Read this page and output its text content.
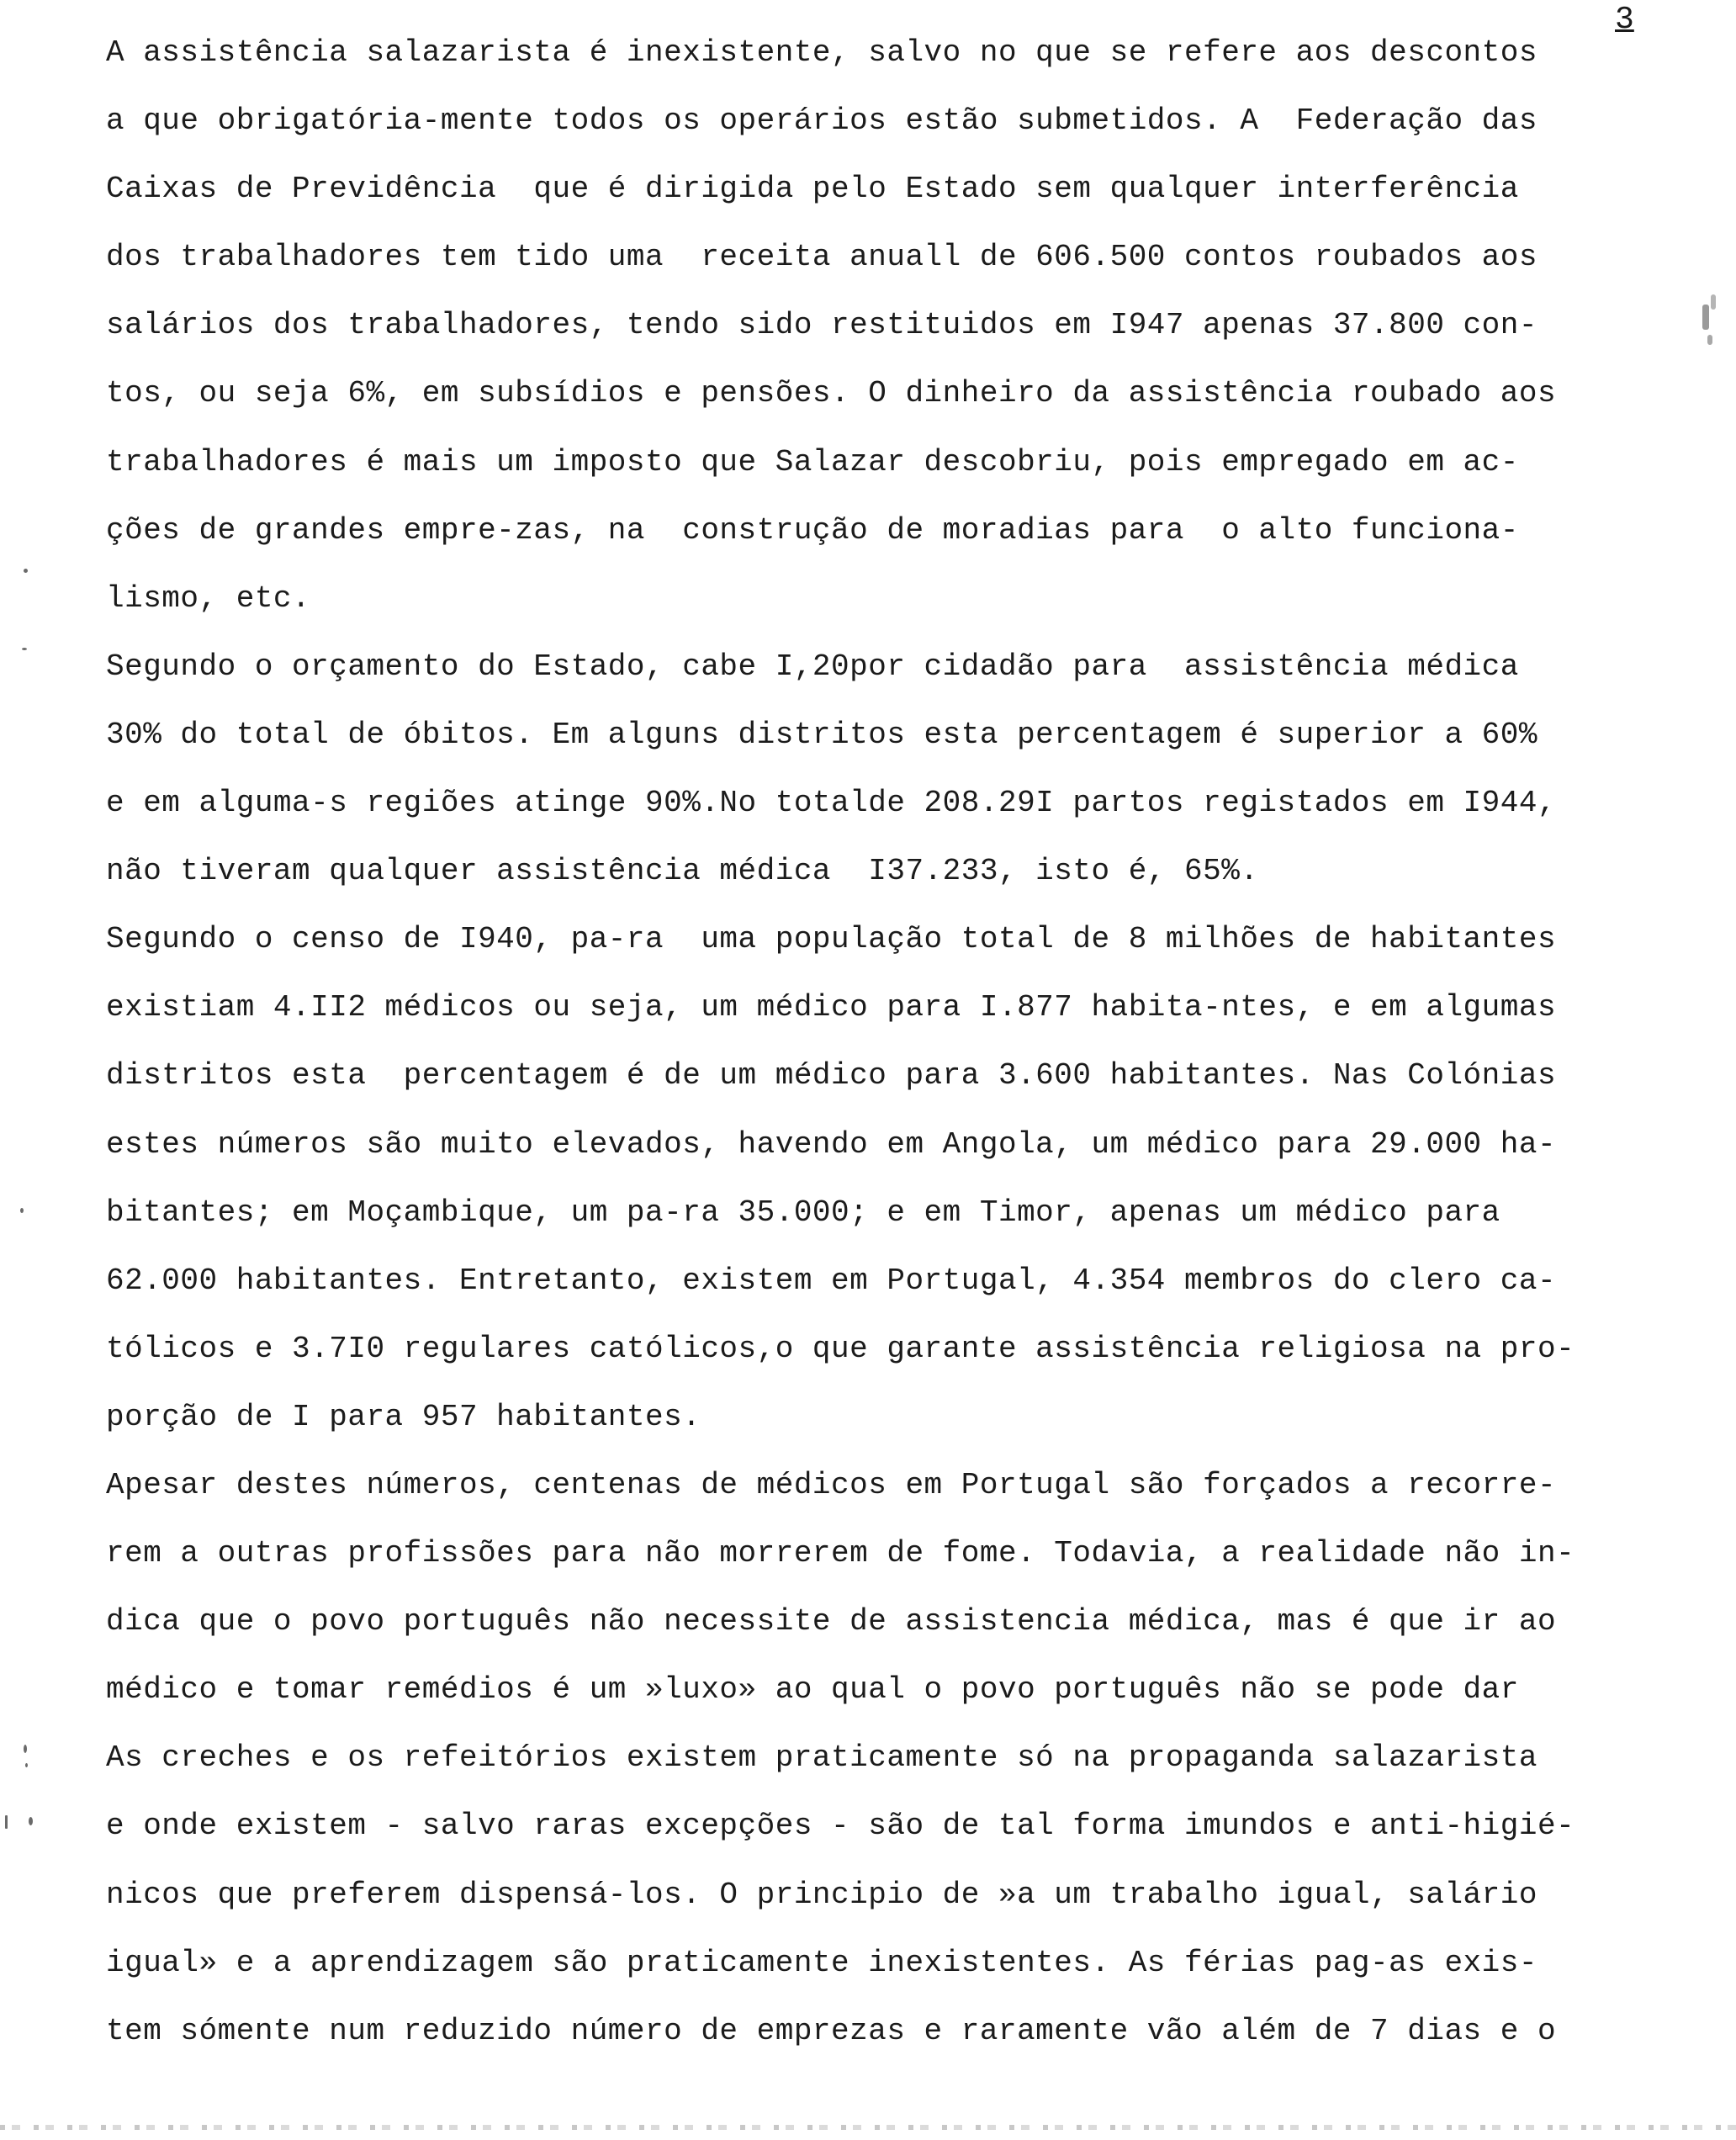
3
A assistência salazarista é inexistente, salvo no que se refere aos descontos
a que obrigatória-mente todos os operários estão submetidos. A  Federação das
Caixas de Previdência  que é dirigida pelo Estado sem qualquer interferência
dos trabalhadores tem tido uma  receita anuall de 606.500 contos roubados aos
salários dos trabalhadores, tendo sido restituidos em I947 apenas 37.800 con-
tos, ou seja 6%, em subsídios e pensões. O dinheiro da assistência roubado aos
trabalhadores é mais um imposto que Salazar descobriu, pois empregado em ac-
ções de grandes empre-zas, na  construção de moradias para  o alto funciona-
lismo, etc.
Segundo o orçamento do Estado, cabe I,20por cidadão para  assistência médica
30% do total de óbitos. Em alguns distritos esta percentagem é superior a 60%
e em alguma-s regiões atinge 90%.No totalde 208.29I partos registados em I944,
não tiveram qualquer assistência médica  I37.233, isto é, 65%.
Segundo o censo de I940, pa-ra  uma população total de 8 milhões de habitantes
existiam 4.II2 médicos ou seja, um médico para I.877 habita-ntes, e em algumas
distritos esta  percentagem é de um médico para 3.600 habitantes. Nas Colónias
estes números são muito elevados, havendo em Angola, um médico para 29.000 ha-
bitantes; em Moçambique, um pa-ra 35.000; e em Timor, apenas um médico para
62.000 habitantes. Entretanto, existem em Portugal, 4.354 membros do clero ca-
tólicos e 3.7I0 regulares católicos,o que garante assistência religiosa na pro-
porção de I para 957 habitantes.
Apesar destes números, centenas de médicos em Portugal são forçados a recorre-
rem a outras profissões para não morrerem de fome. Todavia, a realidade não in-
dica que o povo português não necessite de assistencia médica, mas é que ir ao
médico e tomar remédios é um »luxo» ao qual o povo português não se pode dar
As creches e os refeitórios existem praticamente só na propaganda salazarista
e onde existem - salvo raras excepções - são de tal forma imundos e anti-higié-
nicos que preferem dispensá-los. O principio de »a um trabalho igual, salário
igual» e a aprendizagem são praticamente inexistentes. As férias pag-as exis-
tem sómente num reduzido número de emprezas e raramente vão além de 7 dias e o
